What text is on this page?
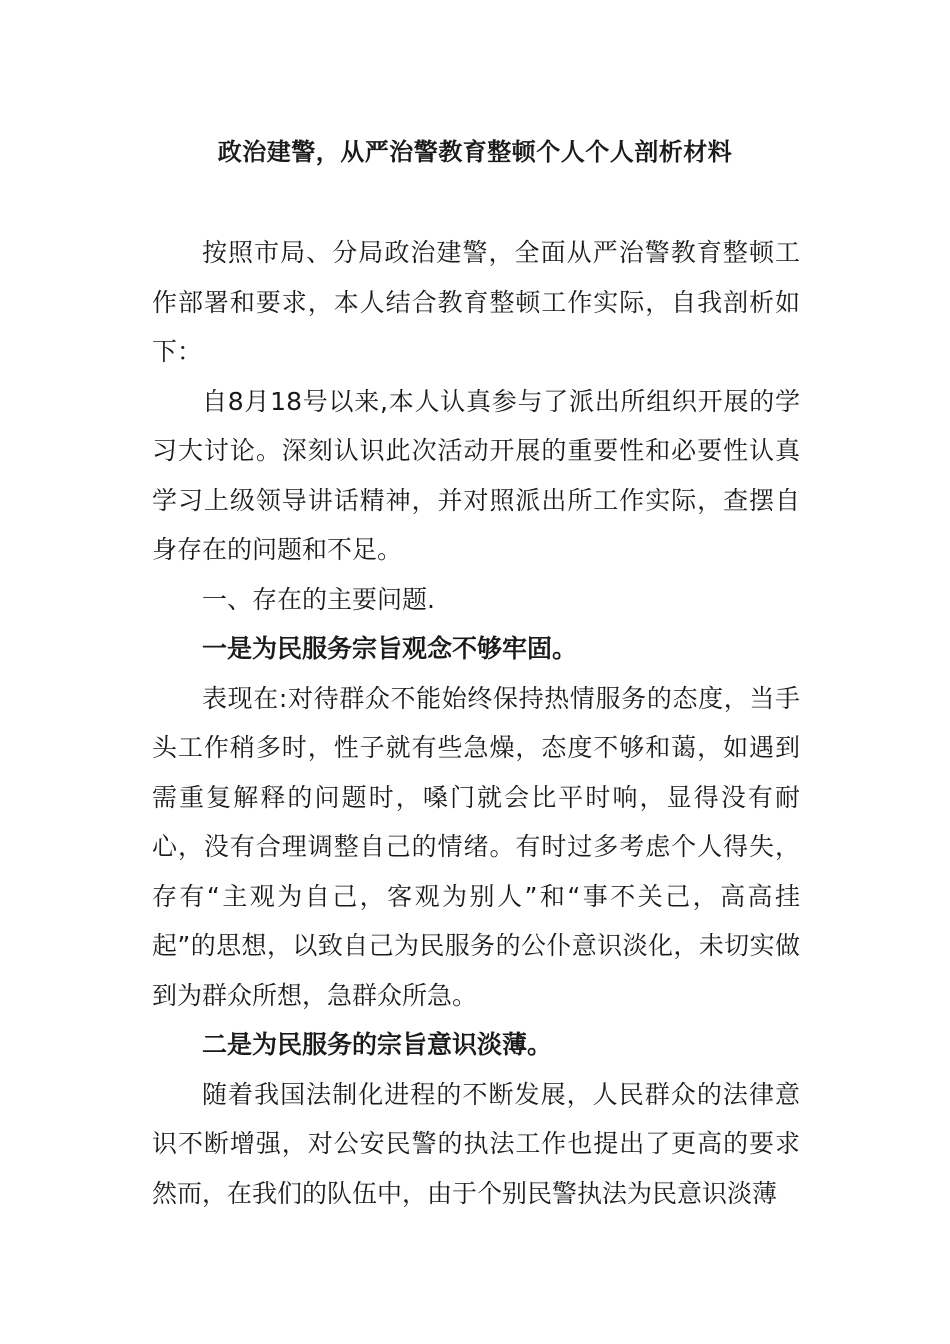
政治建警，从严治警教育整顿个人个人剖析材料

按照市局、分局政治建警，全面从严治警教育整顿工作部署和要求，本人结合教育整顿工作实际，自我剖析如下：

自8月18号以来,本人认真参与了派出所组织开展的学习大讨论。深刻认识此次活动开展的重要性和必要性认真学习上级领导讲话精神，并对照派出所工作实际，查摆自身存在的问题和不足。

一、存在的主要问题.

一是为民服务宗旨观念不够牢固。

表现在:对待群众不能始终保持热情服务的态度，当手头工作稍多时，性子就有些急燥，态度不够和蔼，如遇到需重复解释的问题时，嗓门就会比平时响，显得没有耐心，没有合理调整自己的情绪。有时过多考虑个人得失，存有“主观为自己，客观为别人”和“事不关己，高高挂起”的思想，以致自己为民服务的公仆意识淡化，未切实做到为群众所想，急群众所急。

二是为民服务的宗旨意识淡薄。

随着我国法制化进程的不断发展，人民群众的法律意识不断增强，对公安民警的执法工作也提出了更高的要求然而，在我们的队伍中，由于个别民警执法为民意识淡薄
